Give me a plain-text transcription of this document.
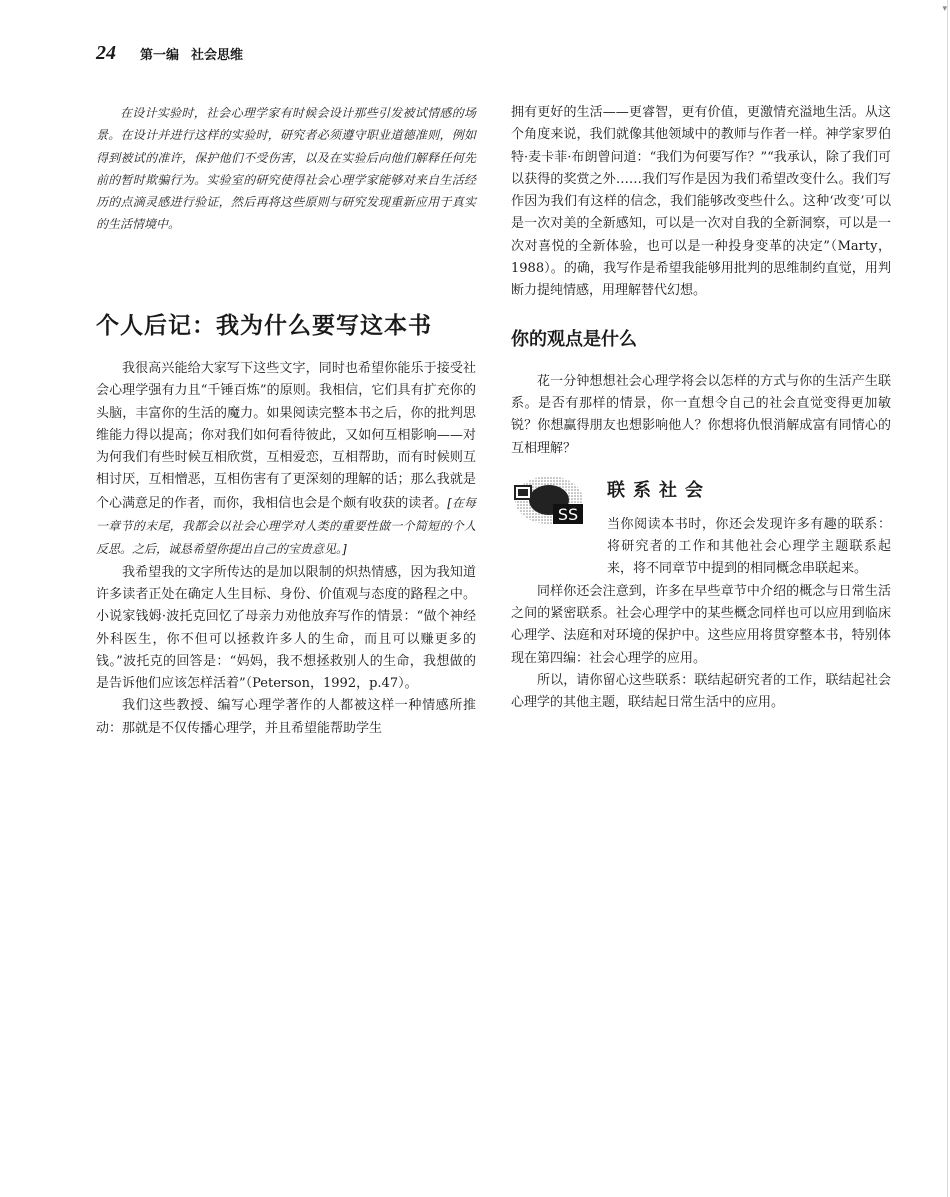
▾
24 第一编 社会思维

在设计实验时，社会心理学家有时候会设计那些引发被试情感的场景。在设计并进行这样的实验时，研究者必须遵守职业道德准则，例如得到被试的准许，保护他们不受伤害，以及在实验后向他们解释任何先前的暂时欺骗行为。实验室的研究使得社会心理学家能够对来自生活经历的点滴灵感进行验证，然后再将这些原则与研究发现重新应用于真实的生活情境中。

个人后记：我为什么要写这本书

我很高兴能给大家写下这些文字，同时也希望你能乐于接受社会心理学强有力且“千锤百炼”的原则。我相信，它们具有扩充你的头脑，丰富你的生活的魔力。如果阅读完整本书之后，你的批判思维能力得以提高；你对我们如何看待彼此，又如何互相影响——对为何我们有些时候互相欣赏，互相爱恋，互相帮助，而有时候则互相讨厌，互相憎恶，互相伤害有了更深刻的理解的话；那么我就是个心满意足的作者，而你，我相信也会是个颇有收获的读者。[在每一章节的末尾，我都会以社会心理学对人类的重要性做一个简短的个人反思。之后，诚恳希望你提出自己的宝贵意见。]

我希望我的文字所传达的是加以限制的炽热情感，因为我知道许多读者正处在确定人生目标、身份、价值观与态度的路程之中。小说家钱姆·波托克回忆了母亲力劝他放弃写作的情景：“做个神经外科医生，你不但可以拯救许多人的生命，而且可以赚更多的钱。”波托克的回答是：“妈妈，我不想拯救别人的生命，我想做的是告诉他们应该怎样活着”（Peterson，1992，p.47）。

我们这些教授、编写心理学著作的人都被这样一种情感所推动：那就是不仅传播心理学，并且希望能帮助学生

拥有更好的生活——更睿智，更有价值，更激情充溢地生活。从这个角度来说，我们就像其他领域中的教师与作者一样。神学家罗伯特·麦卡菲·布朗曾问道：“我们为何要写作？”“我承认，除了我们可以获得的奖赏之外……我们写作是因为我们希望改变什么。我们写作因为我们有这样的信念，我们能够改变些什么。这种‘改变’可以是一次对美的全新感知，可以是一次对自我的全新洞察，可以是一次对喜悦的全新体验，也可以是一种投身变革的决定”（Marty，1988）。的确，我写作是希望我能够用批判的思维制约直觉，用判断力提纯情感，用理解替代幻想。

你的观点是什么

花一分钟想想社会心理学将会以怎样的方式与你的生活产生联系。是否有那样的情景，你一直想令自己的社会直觉变得更加敏锐？你想赢得朋友也想影响他人？你想将仇恨消解成富有同情心的互相理解？

SS
联系社会

当你阅读本书时，你还会发现许多有趣的联系：将研究者的工作和其他社会心理学主题联系起来，将不同章节中提到的相同概念串联起来。

同样你还会注意到，许多在早些章节中介绍的概念与日常生活之间的紧密联系。社会心理学中的某些概念同样也可以应用到临床心理学、法庭和对环境的保护中。这些应用将贯穿整本书，特别体现在第四编：社会心理学的应用。

所以，请你留心这些联系：联结起研究者的工作，联结起社会心理学的其他主题，联结起日常生活中的应用。
